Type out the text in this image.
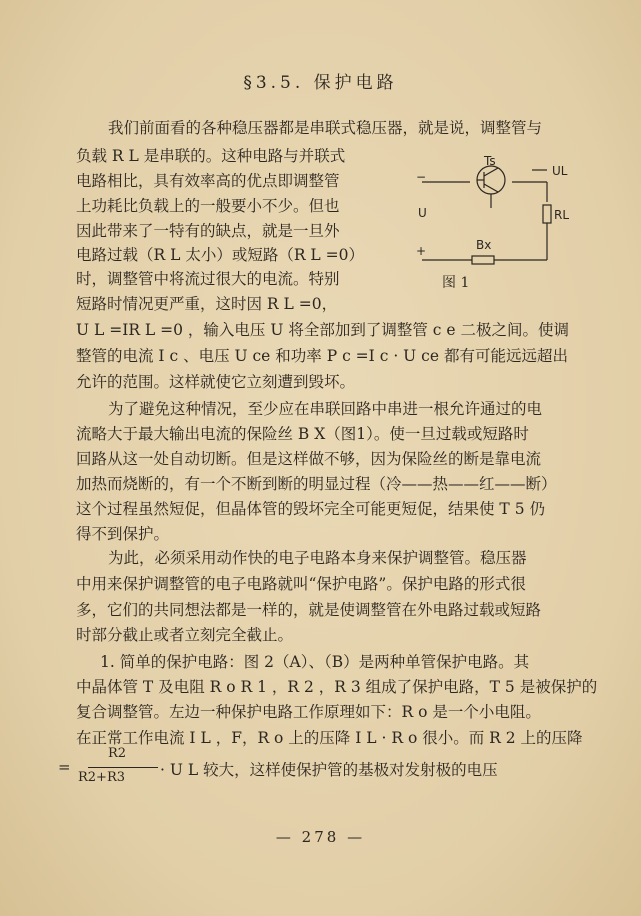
§3.5. 保护电路
我们前面看的各种稳压器都是串联式稳压器，就是说，调整管与
负载 R L 是串联的。这种电路与并联式
电路相比，具有效率高的优点即调整管
上功耗比负载上的一般要小不少。但也
因此带来了一特有的缺点，就是一旦外
电路过载（R L 太小）或短路（R L =0）
时，调整管中将流过很大的电流。特别
短路时情况更严重，这时因 R L =0，
U L =IR L =0 ，输入电压 U 将全部加到了调整管 c e 二极之间。使调
整管的电流 I c 、电压 U ce 和功率 P c =I c · U ce 都有可能远远超出
允许的范围。这样就使它立刻遭到毁坏。
为了避免这种情况，至少应在串联回路中串进一根允许通过的电
流略大于最大输出电流的保险丝 B X（图1）。使一旦过载或短路时
回路从这一处自动切断。但是这样做不够，因为保险丝的断是靠电流
加热而烧断的，有一个不断到断的明显过程（冷——热——红——断）
这个过程虽然短促，但晶体管的毁坏完全可能更短促，结果使 T 5 仍
得不到保护。
为此，必须采用动作快的电子电路本身来保护调整管。稳压器
中用来保护调整管的电子电路就叫“保护电路”。保护电路的形式很
多，它们的共同想法都是一样的，就是使调整管在外电路过载或短路
时部分截止或者立刻完全截止。
1. 简单的保护电路：图 2（A）、（B）是两种单管保护电路。其
中晶体管 T 及电阻 R o R 1 ，R 2 ，R 3 组成了保护电路，T 5 是被保护的
复合调整管。左边一种保护电路工作原理如下：R o 是一个小电阻。
在正常工作电流 I L ，F，R o 上的压降 I L · R o 很小。而 R 2 上的压降
· U L 较大，这样使保护管的基极对发射极的电压
=
R2
R2+R3
Ts
UL
RL
U
Bx
−
+
图 1
— 278 —
